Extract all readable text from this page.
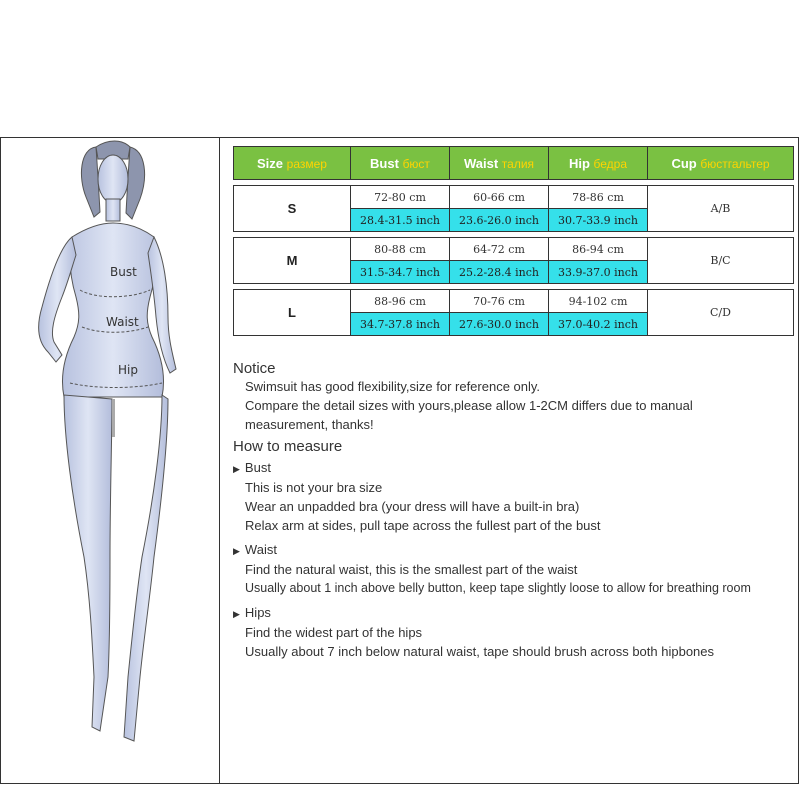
Bust
Waist
Hip
Size размер	Bust бюст	Waist талия	Hip бедра	Cup бюстгальтер

S	72-80 cm	60-66 cm	78-86 cm	A/B
	28.4-31.5 inch	23.6-26.0 inch	30.7-33.9 inch	

M	80-88 cm	64-72 cm	86-94 cm	B/C
	31.5-34.7 inch	25.2-28.4 inch	33.9-37.0 inch	

L	88-96 cm	70-76 cm	94-102 cm	C/D
	34.7-37.8 inch	27.6-30.0 inch	37.0-40.2 inch	

Notice

Swimsuit has good flexibility,size for reference only.

Compare the detail sizes with yours,please allow 1-2CM differs due to manual

measurement, thanks!

How to measure

▶ Bust

This is not your bra size

Wear an unpadded bra (your dress will have a built-in bra)

Relax arm at sides, pull tape across the fullest part of the bust

▶ Waist

Find the natural waist, this is the smallest part of the waist

Usually about 1 inch above belly button, keep tape slightly loose to allow for breathing room

▶ Hips

Find the widest part of the hips

Usually about 7 inch below natural waist, tape should brush across both hipbones
